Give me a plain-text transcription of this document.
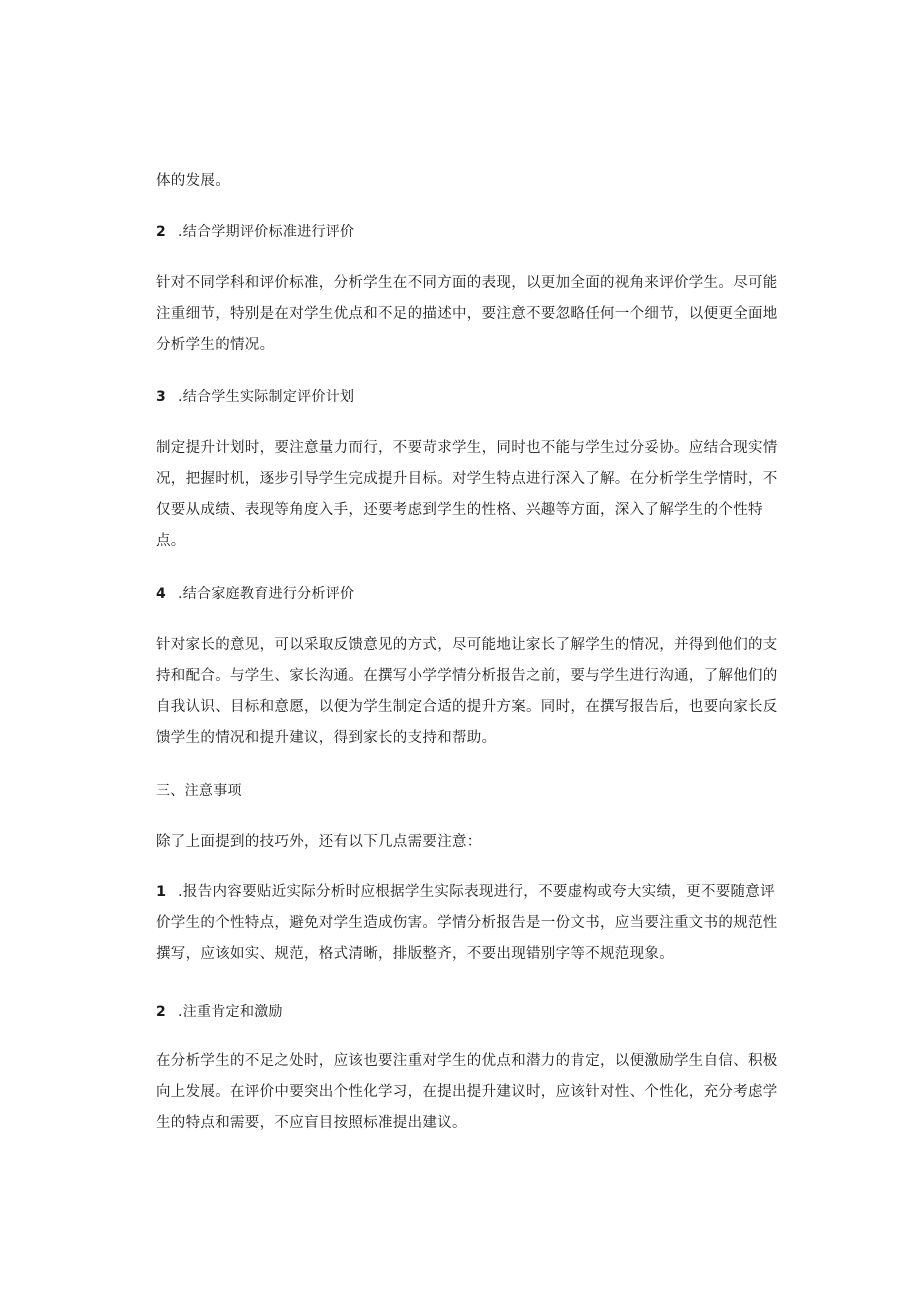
体的发展。

2 .结合学期评价标准进行评价

针对不同学科和评价标准，分析学生在不同方面的表现，以更加全面的视角来评价学生。尽可能注重细节，特别是在对学生优点和不足的描述中，要注意不要忽略任何一个细节，以便更全面地分析学生的情况。

3 .结合学生实际制定评价计划

制定提升计划时，要注意量力而行，不要苛求学生，同时也不能与学生过分妥协。应结合现实情况，把握时机，逐步引导学生完成提升目标。对学生特点进行深入了解。在分析学生学情时，不仅要从成绩、表现等角度入手，还要考虑到学生的性格、兴趣等方面，深入了解学生的个性特点。

4 .结合家庭教育进行分析评价

针对家长的意见，可以采取反馈意见的方式，尽可能地让家长了解学生的情况，并得到他们的支持和配合。与学生、家长沟通。在撰写小学学情分析报告之前，要与学生进行沟通，了解他们的自我认识、目标和意愿，以便为学生制定合适的提升方案。同时，在撰写报告后，也要向家长反馈学生的情况和提升建议，得到家长的支持和帮助。

三、注意事项

除了上面提到的技巧外，还有以下几点需要注意：

1 .报告内容要贴近实际分析时应根据学生实际表现进行，不要虚构或夸大实绩，更不要随意评价学生的个性特点，避免对学生造成伤害。学情分析报告是一份文书，应当要注重文书的规范性撰写，应该如实、规范，格式清晰，排版整齐，不要出现错别字等不规范现象。

2 .注重肯定和激励

在分析学生的不足之处时，应该也要注重对学生的优点和潜力的肯定，以便激励学生自信、积极向上发展。在评价中要突出个性化学习，在提出提升建议时，应该针对性、个性化，充分考虑学生的特点和需要，不应盲目按照标准提出建议。
